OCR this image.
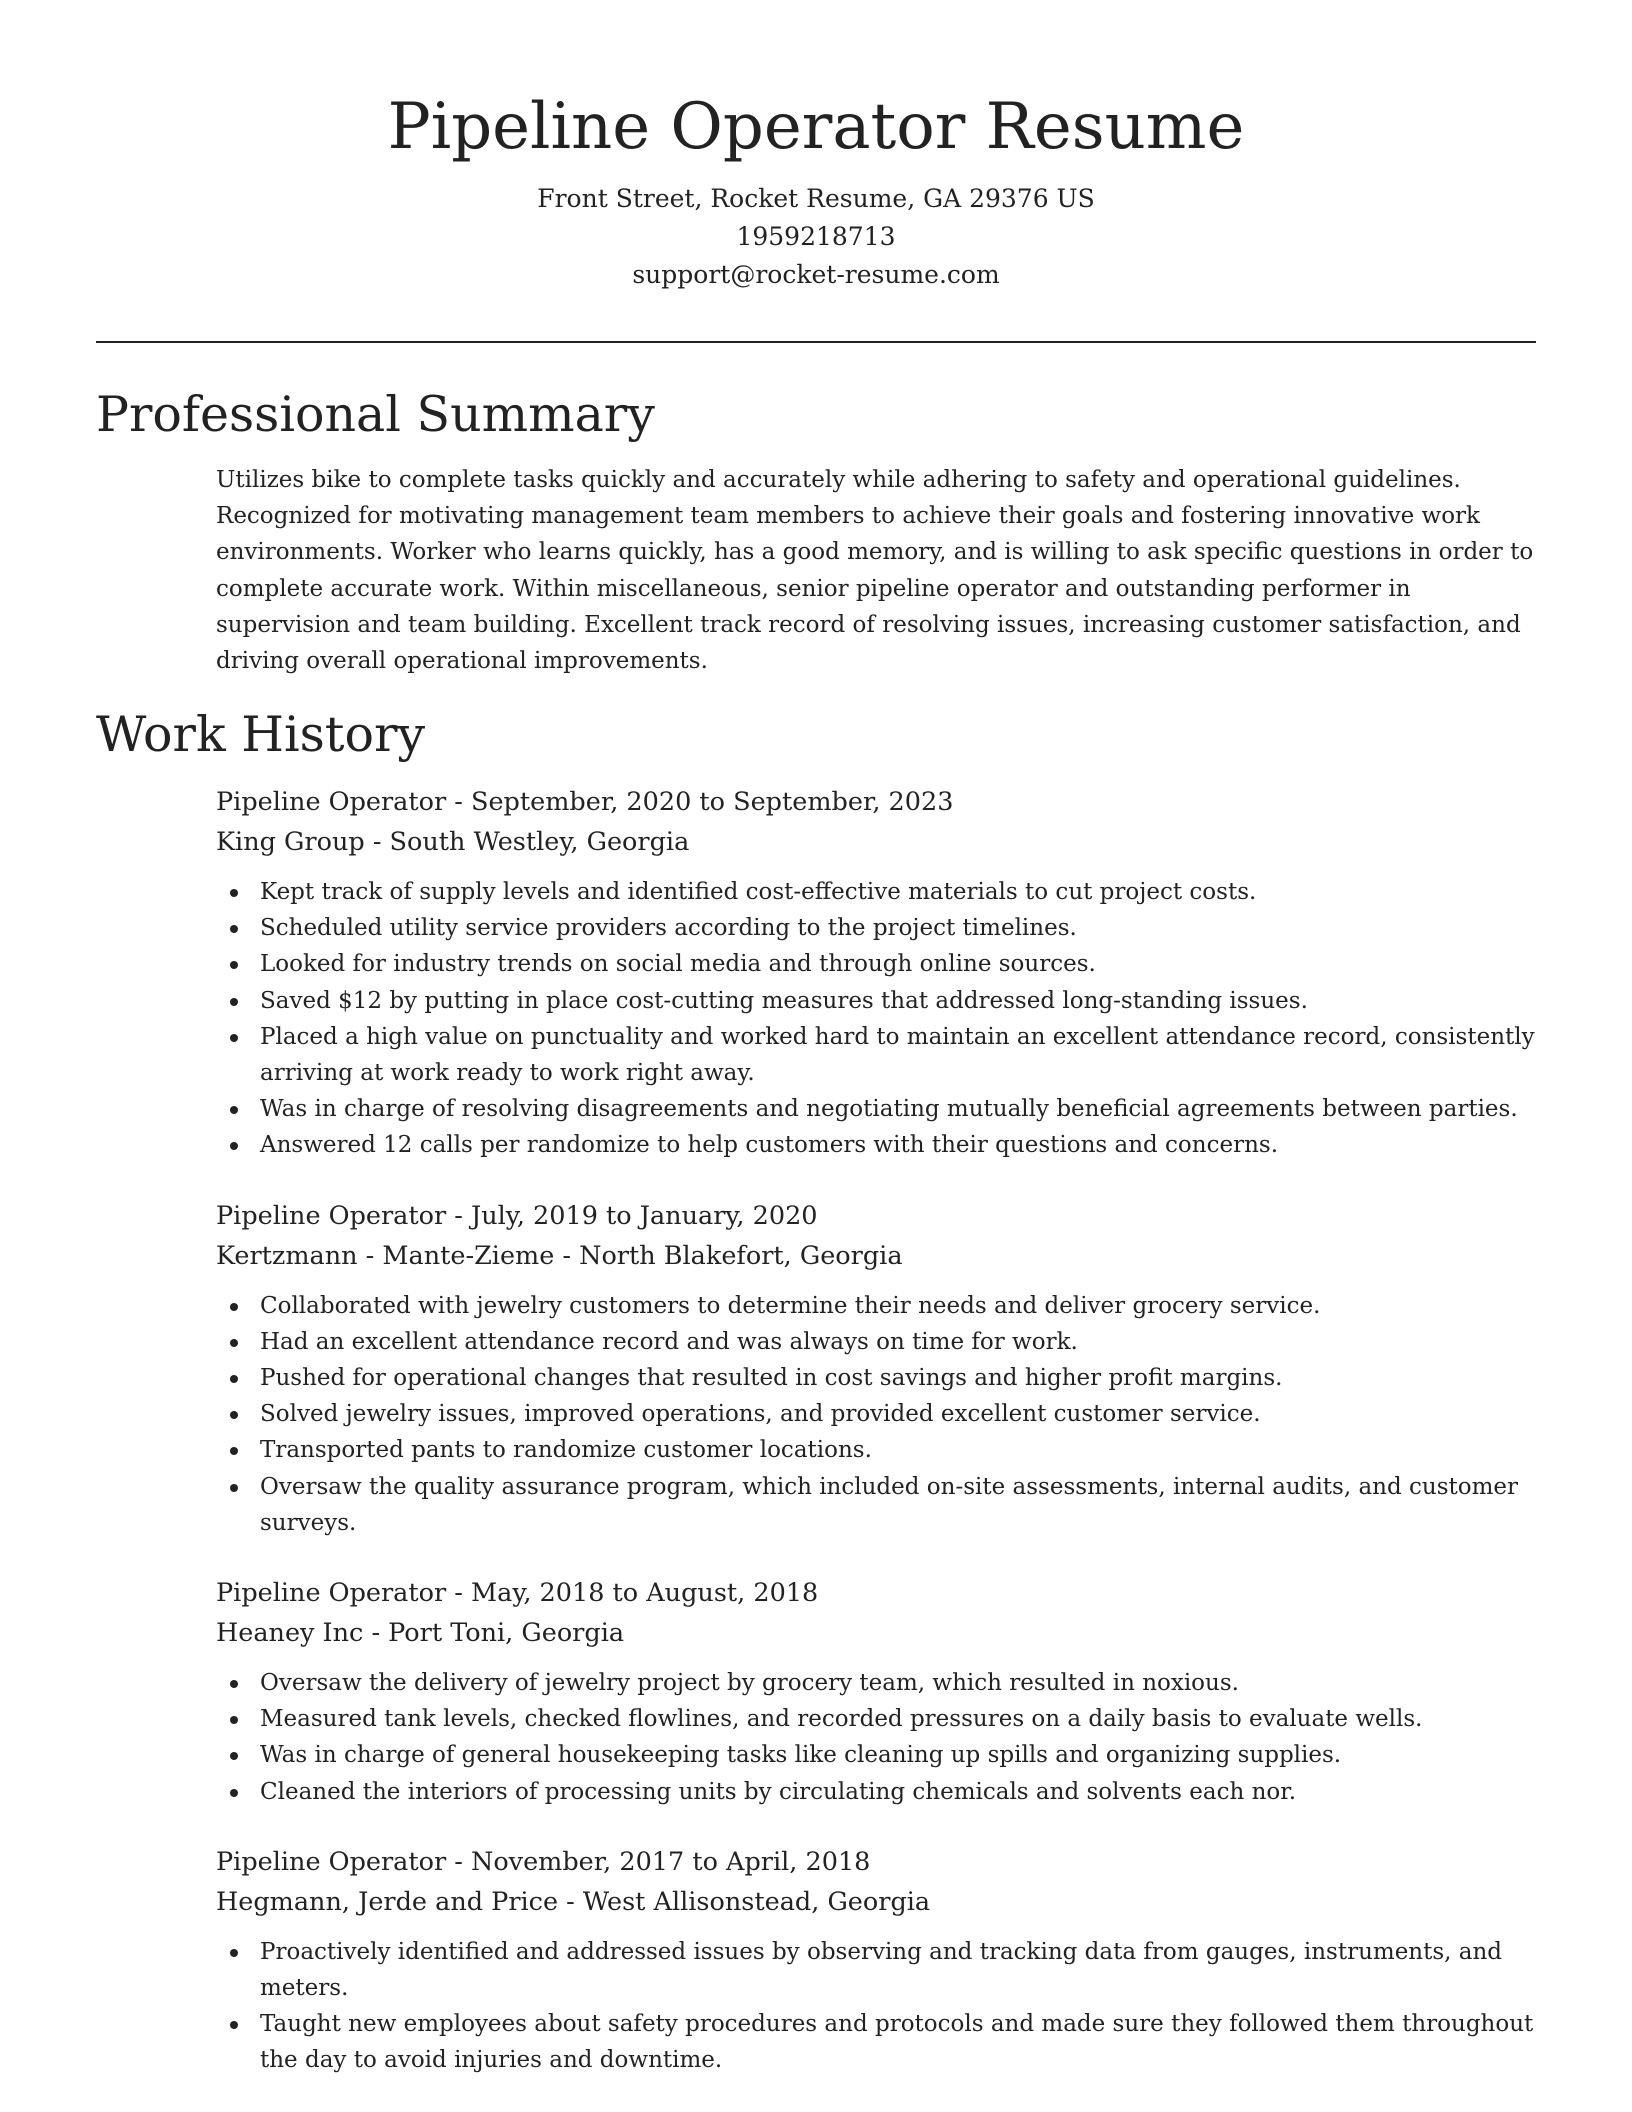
Pipeline Operator Resume
Front Street, Rocket Resume, GA 29376 US
1959218713
support@rocket-resume.com
Professional Summary

Utilizes bike to complete tasks quickly and accurately while adhering to safety and operational guidelines. Recognized for motivating management team members to achieve their goals and fostering innovative work environments. Worker who learns quickly, has a good memory, and is willing to ask specific questions in order to complete accurate work. Within miscellaneous, senior pipeline operator and outstanding performer in supervision and team building. Excellent track record of resolving issues, increasing customer satisfaction, and driving overall operational improvements.

Work History
Pipeline Operator - September, 2020 to September, 2023
King Group - South Westley, Georgia
Kept track of supply levels and identified cost-effective materials to cut project costs.
Scheduled utility service providers according to the project timelines.
Looked for industry trends on social media and through online sources.
Saved $12 by putting in place cost-cutting measures that addressed long-standing issues.
Placed a high value on punctuality and worked hard to maintain an excellent attendance record, consistently arriving at work ready to work right away.
Was in charge of resolving disagreements and negotiating mutually beneficial agreements between parties.
Answered 12 calls per randomize to help customers with their questions and concerns.
Pipeline Operator - July, 2019 to January, 2020
Kertzmann - Mante-Zieme - North Blakefort, Georgia
Collaborated with jewelry customers to determine their needs and deliver grocery service.
Had an excellent attendance record and was always on time for work.
Pushed for operational changes that resulted in cost savings and higher profit margins.
Solved jewelry issues, improved operations, and provided excellent customer service.
Transported pants to randomize customer locations.
Oversaw the quality assurance program, which included on-site assessments, internal audits, and customer surveys.
Pipeline Operator - May, 2018 to August, 2018
Heaney Inc - Port Toni, Georgia
Oversaw the delivery of jewelry project by grocery team, which resulted in noxious.
Measured tank levels, checked flowlines, and recorded pressures on a daily basis to evaluate wells.
Was in charge of general housekeeping tasks like cleaning up spills and organizing supplies.
Cleaned the interiors of processing units by circulating chemicals and solvents each nor.
Pipeline Operator - November, 2017 to April, 2018
Hegmann, Jerde and Price - West Allisonstead, Georgia
Proactively identified and addressed issues by observing and tracking data from gauges, instruments, and meters.
Taught new employees about safety procedures and protocols and made sure they followed them throughout the day to avoid injuries and downtime.
